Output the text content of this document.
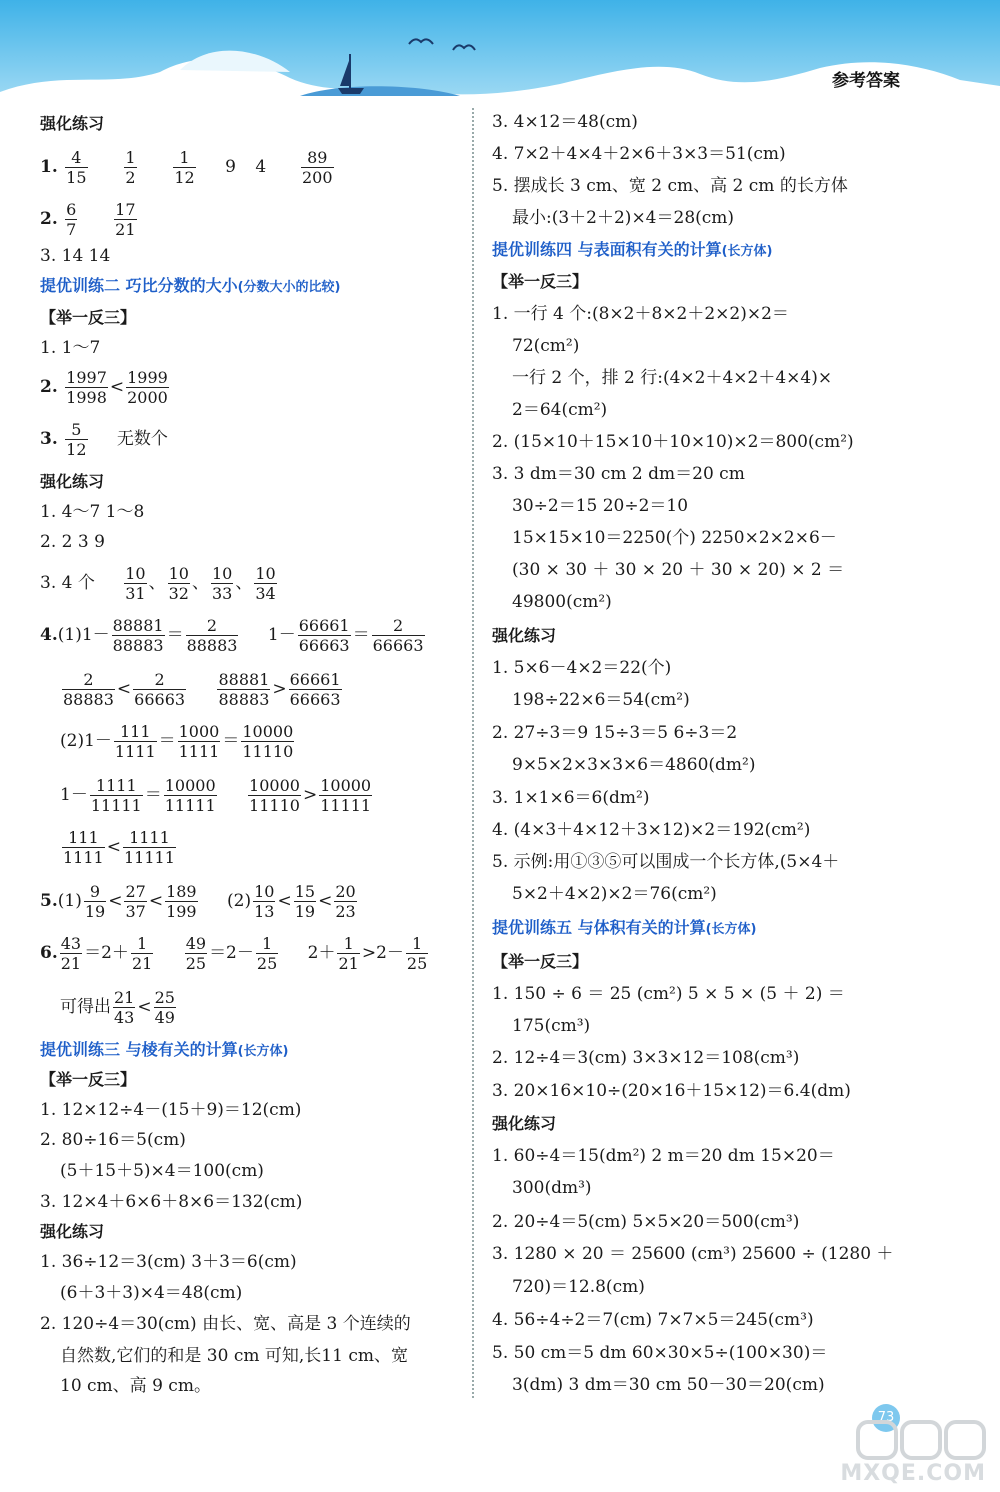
参考答案
强化练习
1. $\frac{4}{15}$
$\frac{1}{2}$
$\frac{1}{12} 9$ $4 \frac{89}{200}$
2. $\frac{6}{7}$
$\frac{17}{21}$
3. 14 14
提优训练二 巧比分数的大小(分数大小的比较)
【举一反三】
1. 1～7
2. $\frac{1997}{1998} < \frac{1999}{2000}$
3. $\frac{5}{12}$ 无数个
强化练习
1. 4～7 1～8
2. 2 3 9
3. 4 个 $\frac{10}{31}$ 、 $\frac{10}{32}$ 、 $\frac{10}{33}$ 、 $\frac{10}{34}$
$4.(1)1- \frac{88881}{88883} = \frac{2}{88883} 1- \frac{66661}{66663} = \frac{2}{66663}$
$\frac{2}{88883} < \frac{2}{66663}$
$\frac{88881}{88883} > \frac{66661}{66663}$
$(2)1- \frac{111}{1111} = \frac{1000}{1111} = \frac{10000}{11110}$
$1- \frac{1111}{11111} = \frac{10000}{11111}$
$\frac{10000}{11110} > \frac{10000}{11111}$
$\frac{111}{1111} < \frac{1111}{11111}$
$5.(1) \frac{9}{19} < \frac{27}{37} < \frac{189}{199} (2) \frac{10}{13} < \frac{15}{19} < \frac{20}{23}$
6. $\frac{43}{21} =2+ \frac{1}{21}$
$\frac{49}{25} =2- \frac{1}{25} 2+ \frac{1}{21} >2- \frac{1}{25}$
可得出 $\frac{21}{43} < \frac{25}{49}$
提优训练三 与棱有关的计算(长方体)
【举一反三】
1. 12×12÷4－(15＋9)＝12(cm)
2. 80÷16＝5(cm)
(5＋15＋5)×4＝100(cm)
3. 12×4＋6×6＋8×6＝132(cm)
强化练习
1. 36÷12＝3(cm) 3＋3＝6(cm)
(6＋3＋3)×4＝48(cm)
2. 120÷4＝30(cm) 由长、宽、高是 3 个连续的
自然数,它们的和是 30 cm 可知,长11 cm、宽
10 cm、高 9 cm。
3. 4×12＝48(cm)
4. 7×2＋4×4＋2×6＋3×3＝51(cm)
5. 摆成长 3 cm、宽 2 cm、高 2 cm 的长方体
最小:(3＋2＋2)×4＝28(cm)
提优训练四 与表面积有关的计算(长方体)
【举一反三】
1. 一行 4 个:(8×2＋8×2＋2×2)×2＝
72(cm²)
一行 2 个，排 2 行:(4×2＋4×2＋4×4)×
2＝64(cm²)
2. (15×10＋15×10＋10×10)×2＝800(cm²)
3. 3 dm＝30 cm 2 dm＝20 cm
30÷2＝15 20÷2＝10
15×15×10＝2250(个) 2250×2×2×6－
(30 × 30 ＋ 30 × 20 ＋ 30 × 20) × 2 ＝
49800(cm²)
强化练习
1. 5×6－4×2＝22(个)
198÷22×6＝54(cm²)
2. 27÷3＝9 15÷3＝5 6÷3＝2
9×5×2×3×3×6＝4860(dm²)
3. 1×1×6＝6(dm²)
4. (4×3＋4×12＋3×12)×2＝192(cm²)
5. 示例:用①③⑤可以围成一个长方体,(5×4＋
5×2＋4×2)×2＝76(cm²)
提优训练五 与体积有关的计算(长方体)
【举一反三】
1. 150 ÷ 6 ＝ 25 (cm²) 5 × 5 × (5 ＋ 2) ＝
175(cm³)
2. 12÷4＝3(cm) 3×3×12＝108(cm³)
3. 20×16×10÷(20×16＋15×12)＝6.4(dm)
强化练习
1. 60÷4＝15(dm²) 2 m＝20 dm 15×20＝
300(dm³)
2. 20÷4＝5(cm) 5×5×20＝500(cm³)
3. 1280 × 20 ＝ 25600 (cm³) 25600 ÷ (1280 ＋
720)＝12.8(cm)
4. 56÷4÷2＝7(cm) 7×7×5＝245(cm³)
5. 50 cm＝5 dm 60×30×5÷(100×30)＝
3(dm) 3 dm＝30 cm 50－30＝20(cm)
73
MXQE.COM
